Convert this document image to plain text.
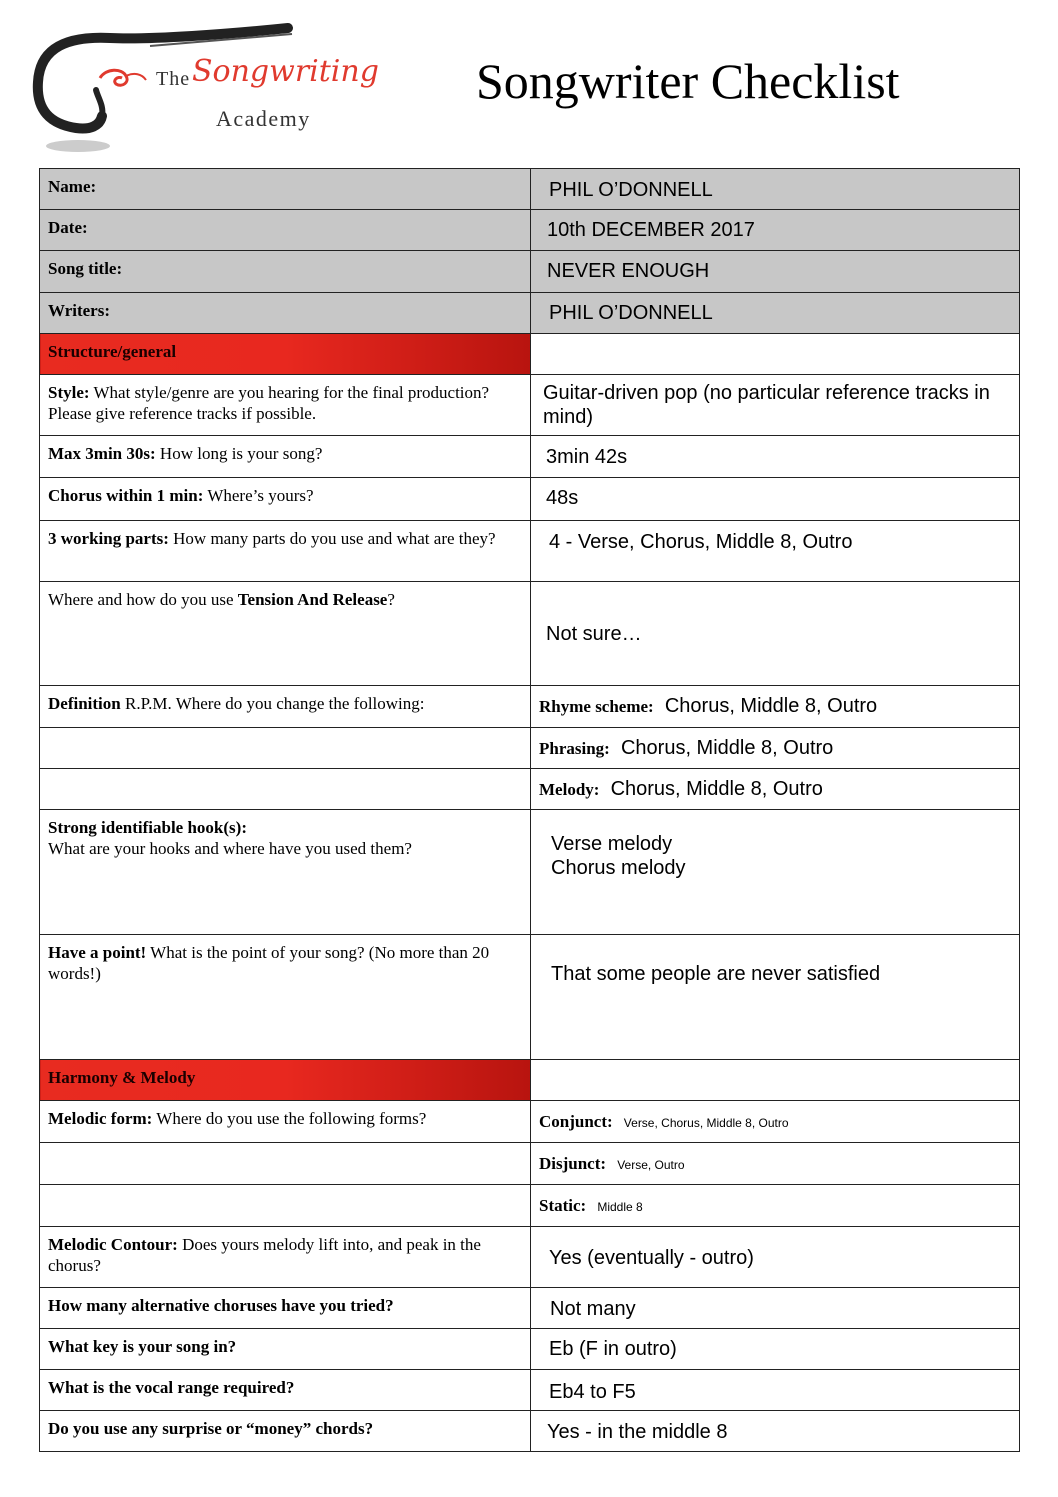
The Songwriting
Academy
Songwriter Checklist
Name:	PHIL O’DONNELL

Date:	10th DECEMBER 2017

Song title:	NEVER ENOUGH

Writers:	PHIL O’DONNELL

Structure/general	
Style: What style/genre are you hearing for the final production? Please give reference tracks if possible.	Guitar-driven pop (no particular reference tracks in mind)

Max 3min 30s: How long is your song?	3min 42s

Chorus within 1 min: Where’s yours?	48s

3 working parts: How many parts do you use and what are they?	4 - Verse, Chorus, Middle 8, Outro

Where and how do you use Tension And Release?	Not sure…

Definition R.P.M. Where do you change the following:	Rhyme scheme: Chorus, Middle 8, Outro

	Phrasing: Chorus, Middle 8, Outro

	Melody: Chorus, Middle 8, Outro

Strong identifiable hook(s):
What are your hooks and where have you used them?	Verse melody
Chorus melody

Have a point! What is the point of your song? (No more than 20 words!)	That some people are never satisfied

Harmony & Melody	
Melodic form: Where do you use the following forms?	Conjunct: Verse, Chorus, Middle 8, Outro

	Disjunct: Verse, Outro

	Static: Middle 8

Melodic Contour: Does yours melody lift into, and peak in the chorus?	Yes (eventually - outro)

How many alternative choruses have you tried?	Not many

What key is your song in?	Eb (F in outro)

What is the vocal range required?	Eb4 to F5

Do you use any surprise or “money” chords?	Yes - in the middle 8
